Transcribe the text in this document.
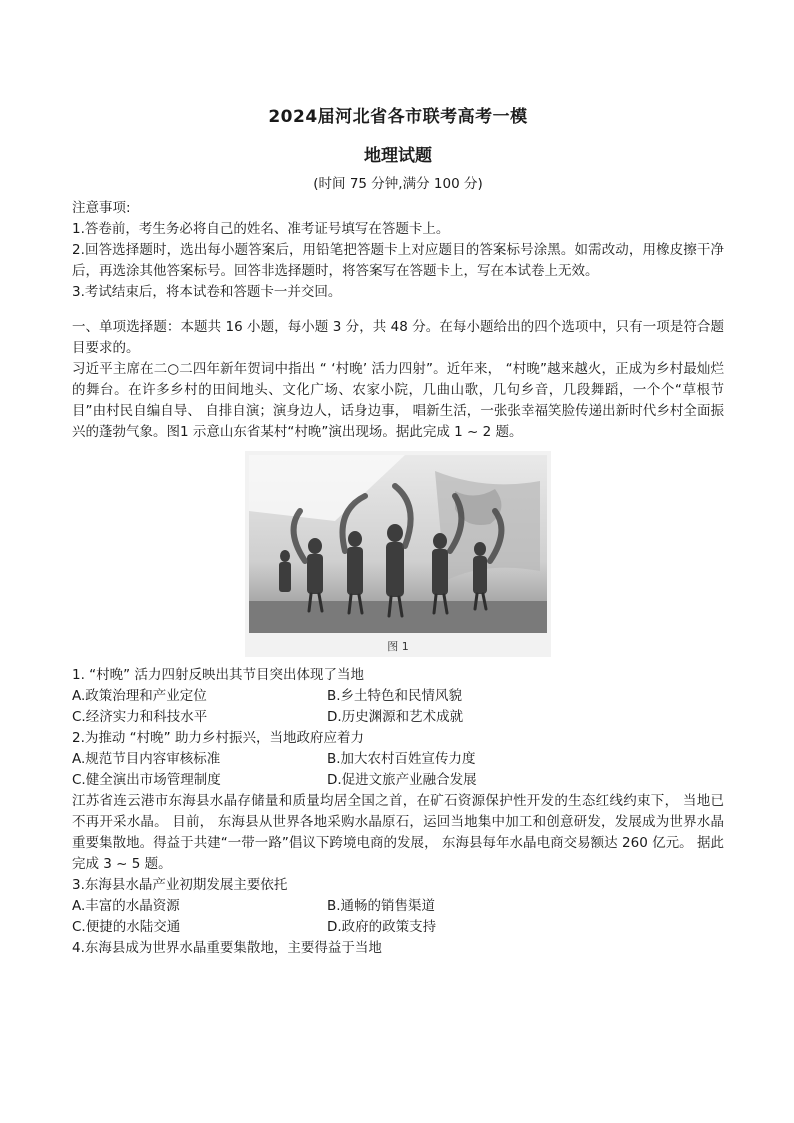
2024届河北省各市联考高考一模
地理试题
(时间 75 分钟,满分 100 分)

注意事项:

1.答卷前，考生务必将自己的姓名、准考证号填写在答题卡上。

2.回答选择题时，选出每小题答案后，用铅笔把答题卡上对应题目的答案标号涂黑。如需改动，用橡皮擦干净后，再选涂其他答案标号。回答非选择题时，将答案写在答题卡上，写在本试卷上无效。

3.考试结束后，将本试卷和答题卡一并交回。

一、单项选择题：本题共 16 小题，每小题 3 分，共 48 分。在每小题给出的四个选项中，只有一项是符合题目要求的。

习近平主席在二○二四年新年贺词中指出 “ ‘村晚’ 活力四射”。近年来， “村晚”越来越火，正成为乡村最灿烂的舞台。在许多乡村的田间地头、文化广场、农家小院，几曲山歌，几句乡音，几段舞蹈，一个个“草根节目”由村民自编自导、 自排自演；演身边人，话身边事， 唱新生活，一张张幸福笑脸传递出新时代乡村全面振兴的蓬勃气象。图1 示意山东省某村“村晚”演出现场。据此完成 1 ~ 2 题。

图 1

1. “村晚” 活力四射反映出其节目突出体现了当地

A.政策治理和产业定位	B.乡土特色和民情风貌
C.经济实力和科技水平	D.历史渊源和艺术成就

2.为推动 “村晚” 助力乡村振兴，当地政府应着力

A.规范节目内容审核标准	B.加大农村百姓宣传力度
C.健全演出市场管理制度	D.促进文旅产业融合发展

江苏省连云港市东海县水晶存储量和质量均居全国之首，在矿石资源保护性开发的生态红线约束下， 当地已不再开采水晶。 目前， 东海县从世界各地采购水晶原石，运回当地集中加工和创意研发，发展成为世界水晶重要集散地。得益于共建“一带一路”倡议下跨境电商的发展， 东海县每年水晶电商交易额达 260 亿元。 据此完成 3 ~ 5 题。

3.东海县水晶产业初期发展主要依托

A.丰富的水晶资源	B.通畅的销售渠道
C.便捷的水陆交通	D.政府的政策支持

4.东海县成为世界水晶重要集散地，主要得益于当地
